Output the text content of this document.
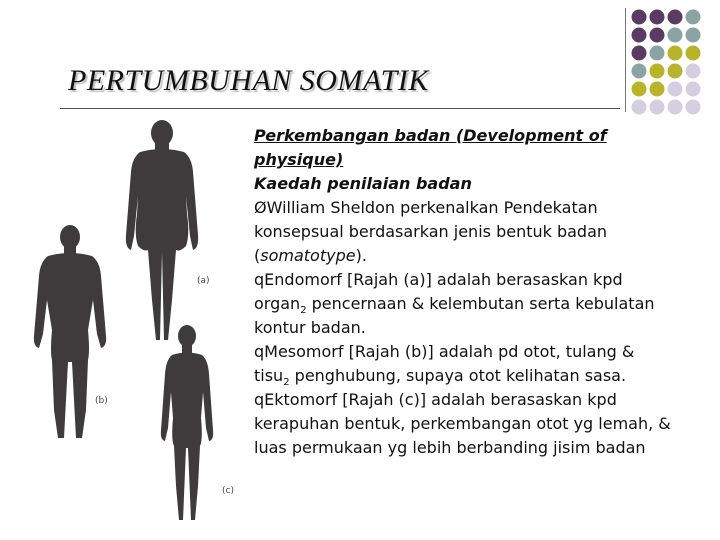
PERTUMBUHAN SOMATIK
(a)
(b)
(c)

Perkembangan badan (Development of physique)

Kaedah penilaian badan

ØWilliam Sheldon perkenalkan Pendekatan konsepsual berdasarkan jenis bentuk badan (somatotype).

qEndomorf [Rajah (a)] adalah berasaskan kpd organ$_2$ pencernaan & kelembutan serta kebulatan kontur badan.

qMesomorf [Rajah (b)] adalah pd otot, tulang & tisu$_2$ penghubung, supaya otot kelihatan sasa.

qEktomorf [Rajah (c)] adalah berasaskan kpd kerapuhan bentuk, perkembangan otot yg lemah, & luas permukaan yg lebih berbanding jisim badan
